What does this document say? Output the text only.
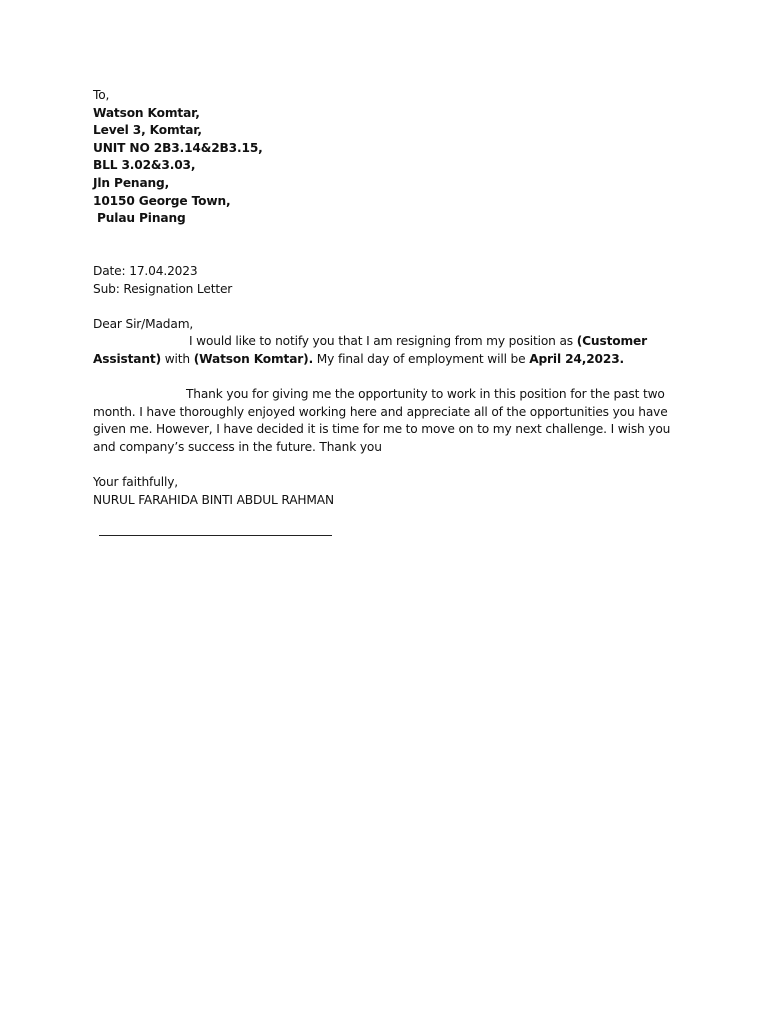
To,
Watson Komtar,
Level 3, Komtar,
UNIT NO 2B3.14&2B3.15,
BLL 3.02&3.03,
Jln Penang,
10150 George Town,
Pulau Pinang
Date: 17.04.2023
Sub: Resignation Letter
Dear Sir/Madam,
I would like to notify you that I am resigning from my position as (Customer Assistant) with (Watson Komtar). My final day of employment will be April 24,2023.
Thank you for giving me the opportunity to work in this position for the past two month. I have thoroughly enjoyed working here and appreciate all of the opportunities you have given me. However, I have decided it is time for me to move on to my next challenge. I wish you and company’s success in the future. Thank you
Your faithfully,
NURUL FARAHIDA BINTI ABDUL RAHMAN
